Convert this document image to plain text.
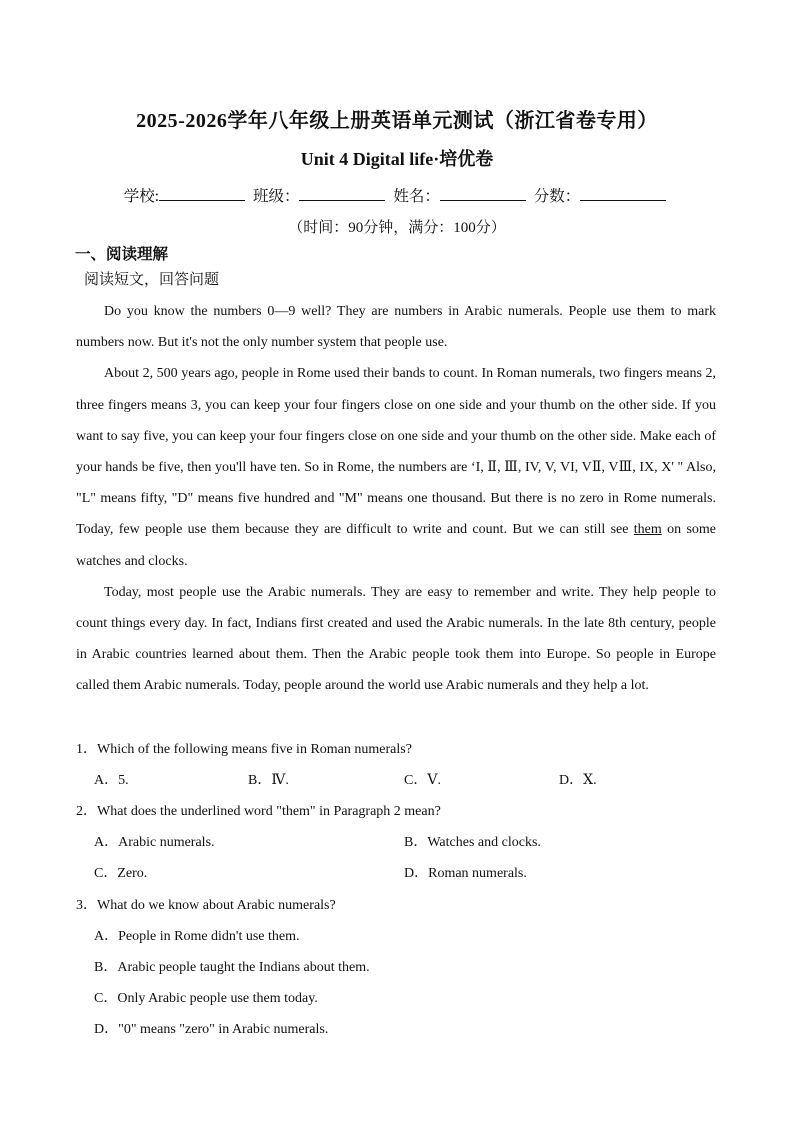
2025-2026学年八年级上册英语单元测试（浙江省卷专用）
Unit 4 Digital life·培优卷
学校:	班级：	姓名：	分数：
（时间：90分钟，满分：100分）
一、阅读理解
阅读短文，回答问题

Do you know the numbers 0—9 well? They are numbers in Arabic numerals. People use them to mark numbers now. But it's not the only number system that people use.

About 2, 500 years ago, people in Rome used their bands to count. In Roman numerals, two fingers means 2, three fingers means 3, you can keep your four fingers close on one side and your thumb on the other side. If you want to say five, you can keep your four fingers close on one side and your thumb on the other side. Make each of your hands be five, then you'll have ten. So in Rome, the numbers are ‘I, Ⅱ, Ⅲ, IV, V, VI, VⅡ, VⅢ, IX, X' " Also, "L" means fifty, "D" means five hundred and "M" means one thousand. But there is no zero in Rome numerals. Today, few people use them because they are difficult to write and count. But we can still see them on some watches and clocks.

Today, most people use the Arabic numerals. They are easy to remember and write. They help people to count things every day. In fact, Indians first created and used the Arabic numerals. In the late 8th century, people in Arabic countries learned about them. Then the Arabic people took them into Europe. So people in Europe called them Arabic numerals. Today, people around the world use Arabic numerals and they help a lot.

1．Which of the following means five in Roman numerals?
A．5.	B．Ⅳ.	C．Ⅴ.	D．Ⅹ.
2．What does the underlined word "them" in Paragraph 2 mean?
A．Arabic numerals.	B．Watches and clocks.
C．Zero.	D．Roman numerals.
3．What do we know about Arabic numerals?
A．People in Rome didn't use them.
B．Arabic people taught the Indians about them.
C．Only Arabic people use them today.
D．"0" means "zero" in Arabic numerals.
